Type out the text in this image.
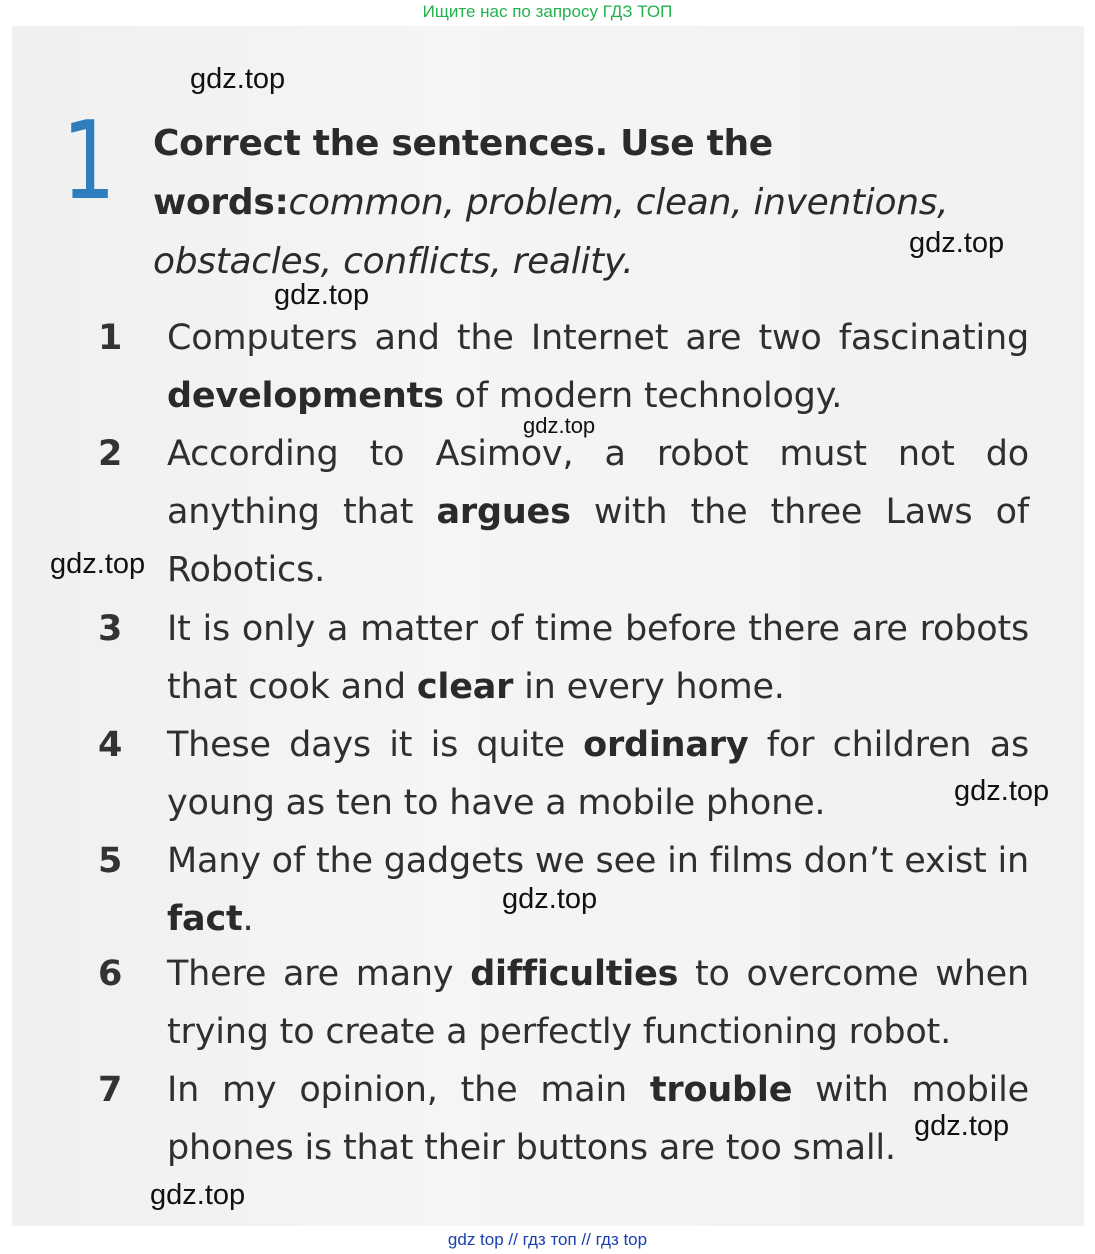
Ищите нас по запросу ГДЗ ТОП
1 Correct the sentences. Use the words:common, problem, clean, inventions, obstacles, conflicts, reality.
1	Computers and the Internet are two fascinating developments of modern technology.
2	According to Asimov, a robot must not do anything that argues with the three Laws of Robotics.
3	It is only a matter of time before there are robots that cook and clear in every home.
4	These days it is quite ordinary for children as young as ten to have a mobile phone.
5	Many of the gadgets we see in films don’t exist in fact.
6	There are many difficulties to overcome when trying to create a perfectly functioning robot.
7	In my opinion, the main trouble with mobile phones is that their buttons are too small.
gdz.top
gdz.top
gdz.top
gdz.top
gdz.top
gdz.top
gdz.top
gdz.top
gdz.top
gdz top // гдз топ // гдз top
